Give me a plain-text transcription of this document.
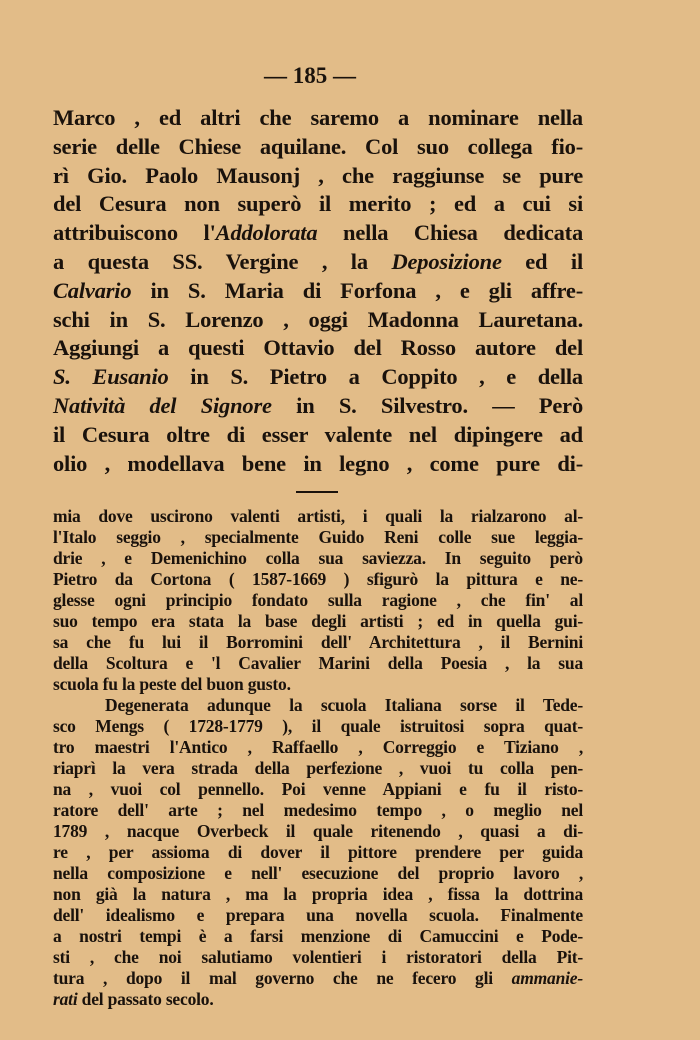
— 185 —
Marco , ed altri che saremo a nominare nella
serie delle Chiese aquilane. Col suo collega fio-
rì Gio. Paolo Mausonj , che raggiunse se pure
del Cesura non superò il merito ; ed a cui si
attribuiscono l'Addolorata nella Chiesa dedicata
a questa SS. Vergine , la Deposizione ed il
Calvario in S. Maria di Forfona , e gli affre-
schi in S. Lorenzo , oggi Madonna Lauretana.
Aggiungi a questi Ottavio del Rosso autore del
S. Eusanio in S. Pietro a Coppito , e della
Natività del Signore in S. Silvestro. — Però
il Cesura oltre di esser valente nel dipingere ad
olio , modellava bene in legno , come pure di-
mia dove uscirono valenti artisti, i quali la rialzarono al-
l'Italo seggio , specialmente Guido Reni colle sue leggia-
drie , e Demenichino colla sua saviezza. In seguito però
Pietro da Cortona ( 1587-1669 ) sfigurò la pittura e ne-
glesse ogni principio fondato sulla ragione , che fin' al
suo tempo era stata la base degli artisti ; ed in quella gui-
sa che fu lui il Borromini dell' Architettura , il Bernini
della Scoltura e 'l Cavalier Marini della Poesia , la sua
scuola fu la peste del buon gusto.
Degenerata adunque la scuola Italiana sorse il Tede-
sco Mengs ( 1728-1779 ), il quale istruitosi sopra quat-
tro maestri l'Antico , Raffaello , Correggio e Tiziano ,
riaprì la vera strada della perfezione , vuoi tu colla pen-
na , vuoi col pennello. Poi venne Appiani e fu il risto-
ratore dell' arte ; nel medesimo tempo , o meglio nel
1789 , nacque Overbeck il quale ritenendo , quasi a di-
re , per assioma di dover il pittore prendere per guida
nella composizione e nell' esecuzione del proprio lavoro ,
non già la natura , ma la propria idea , fissa la dottrina
dell' idealismo e prepara una novella scuola. Finalmente
a nostri tempi è a farsi menzione di Camuccini e Pode-
sti , che noi salutiamo volentieri i ristoratori della Pit-
tura , dopo il mal governo che ne fecero gli ammanie-
rati del passato secolo.
